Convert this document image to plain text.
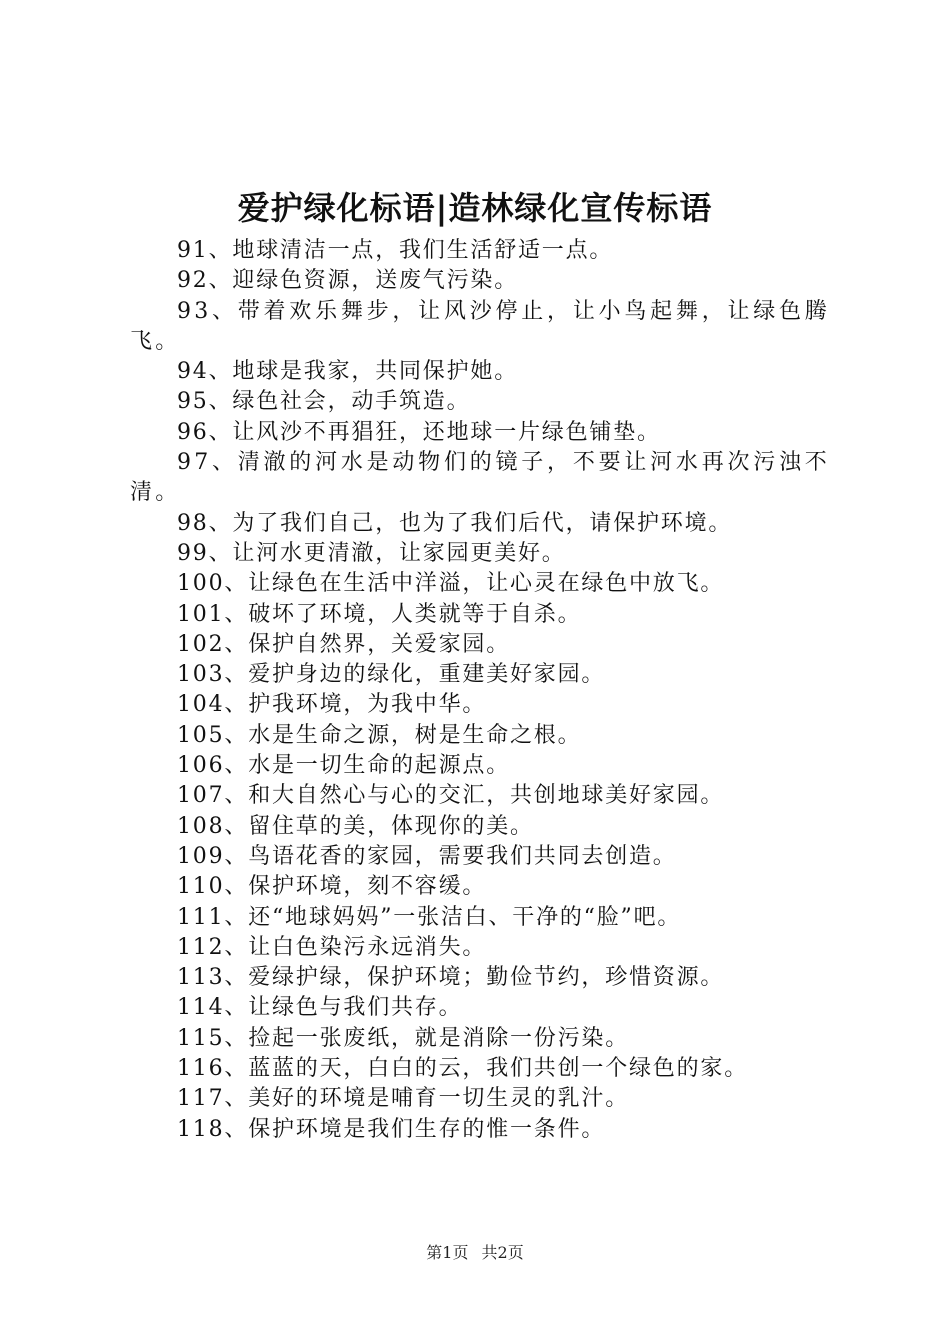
爱护绿化标语|造林绿化宣传标语

91、地球清洁一点，我们生活舒适一点。

92、迎绿色资源，送废气污染。

93、带着欢乐舞步，让风沙停止，让小鸟起舞，让绿色腾飞。

94、地球是我家，共同保护她。

95、绿色社会，动手筑造。

96、让风沙不再猖狂，还地球一片绿色铺垫。

97、清澈的河水是动物们的镜子，不要让河水再次污浊不清。

98、为了我们自己，也为了我们后代，请保护环境。

99、让河水更清澈，让家园更美好。

100、让绿色在生活中洋溢，让心灵在绿色中放飞。

101、破坏了环境，人类就等于自杀。

102、保护自然界，关爱家园。

103、爱护身边的绿化，重建美好家园。

104、护我环境，为我中华。

105、水是生命之源，树是生命之根。

106、水是一切生命的起源点。

107、和大自然心与心的交汇，共创地球美好家园。

108、留住草的美，体现你的美。

109、鸟语花香的家园，需要我们共同去创造。

110、保护环境，刻不容缓。

111、还“地球妈妈”一张洁白、干净的“脸”吧。

112、让白色染污永远消失。

113、爱绿护绿，保护环境；勤俭节约，珍惜资源。

114、让绿色与我们共存。

115、捡起一张废纸，就是消除一份污染。

116、蓝蓝的天，白白的云，我们共创一个绿色的家。

117、美好的环境是哺育一切生灵的乳汁。

118、保护环境是我们生存的惟一条件。

第1页 共2页
